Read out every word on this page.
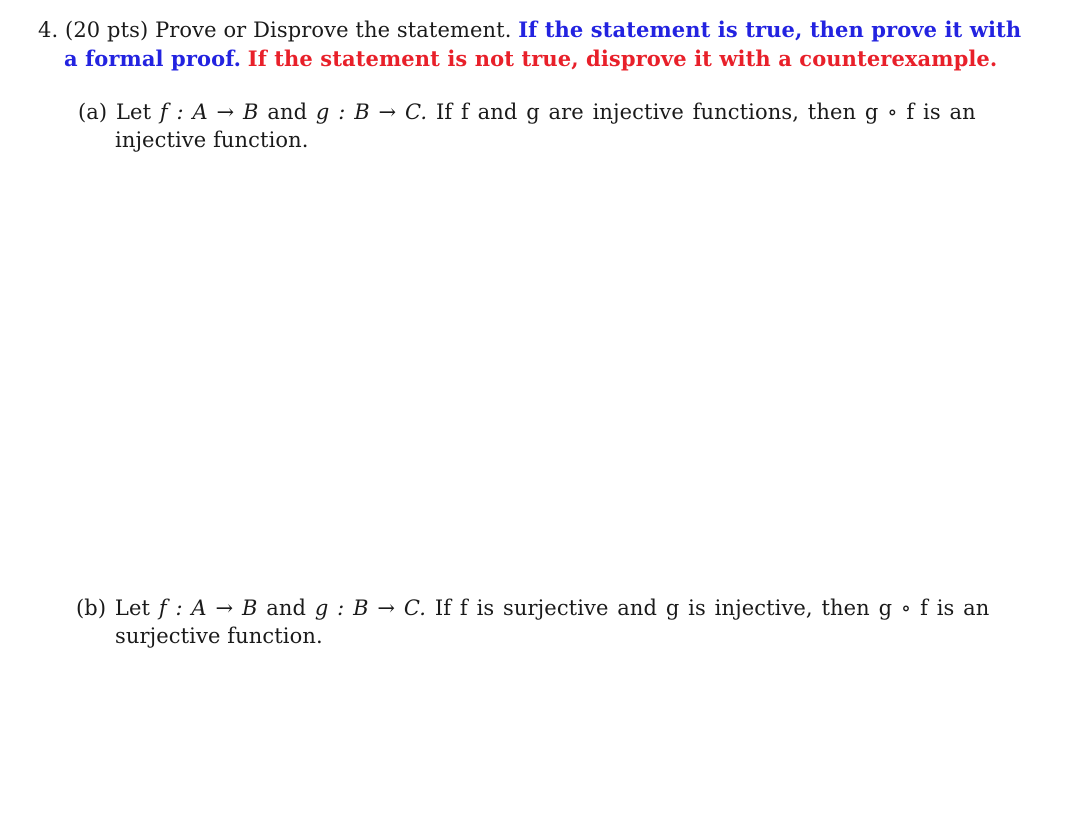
4. (20 pts) Prove or Disprove the statement. If the statement is true, then prove it with
a formal proof. If the statement is not true, disprove it with a counterexample.
(a) Let f : A → B and g : B → C. If f and g are injective functions, then g ∘ f is an
injective function.
(b) Let f : A → B and g : B → C. If f is surjective and g is injective, then g ∘ f is an
surjective function.
